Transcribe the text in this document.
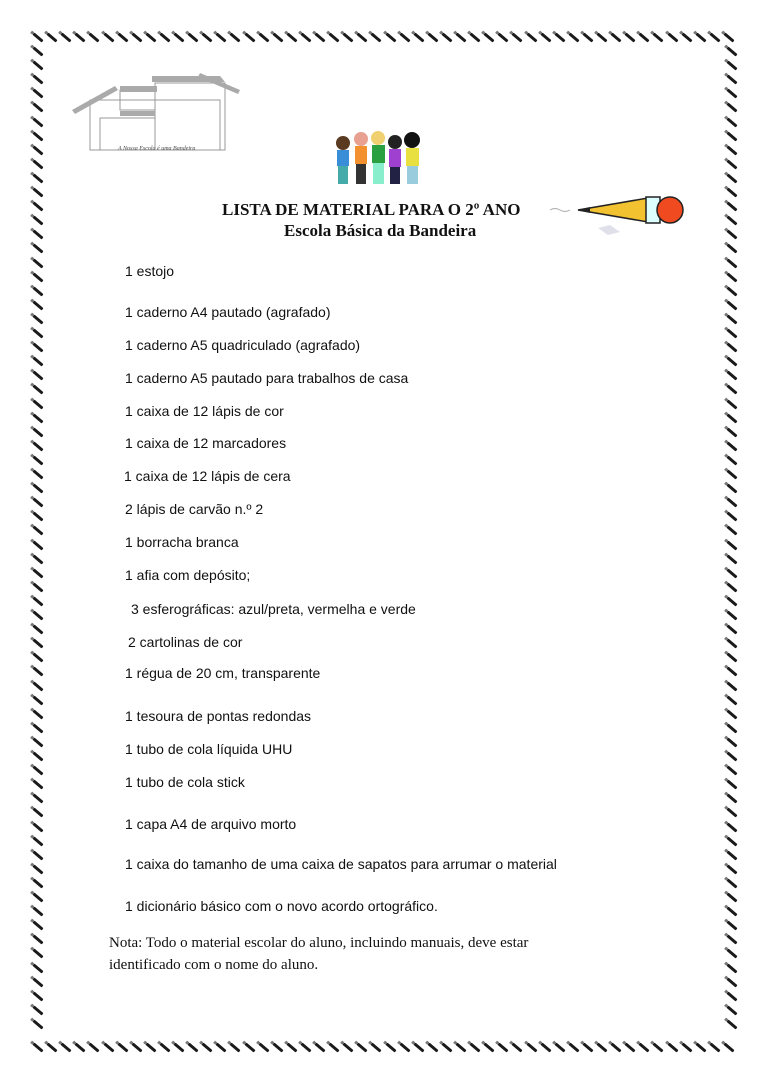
A Nossa Escola é uma Bandeira
LISTA DE MATERIAL PARA O 2º ANO
Escola Básica da Bandeira
1 estojo
1 caderno A4 pautado (agrafado)
1 caderno A5 quadriculado (agrafado)
1 caderno A5 pautado para trabalhos de casa
1 caixa de 12 lápis de cor
1 caixa de 12 marcadores
1 caixa de 12 lápis de cera
2 lápis de carvão n.º 2
1 borracha branca
1 afia com depósito;
3 esferográficas: azul/preta, vermelha e verde
2 cartolinas de cor
1 régua de 20 cm, transparente
1 tesoura de pontas redondas
1 tubo de cola líquida UHU
1 tubo de cola stick
1 capa A4 de arquivo morto
1 caixa do tamanho de uma caixa de sapatos para arrumar o material
1 dicionário básico com o novo acordo ortográfico.
Nota: Todo o material escolar do aluno, incluindo manuais, deve estar
identificado com o nome do aluno.
